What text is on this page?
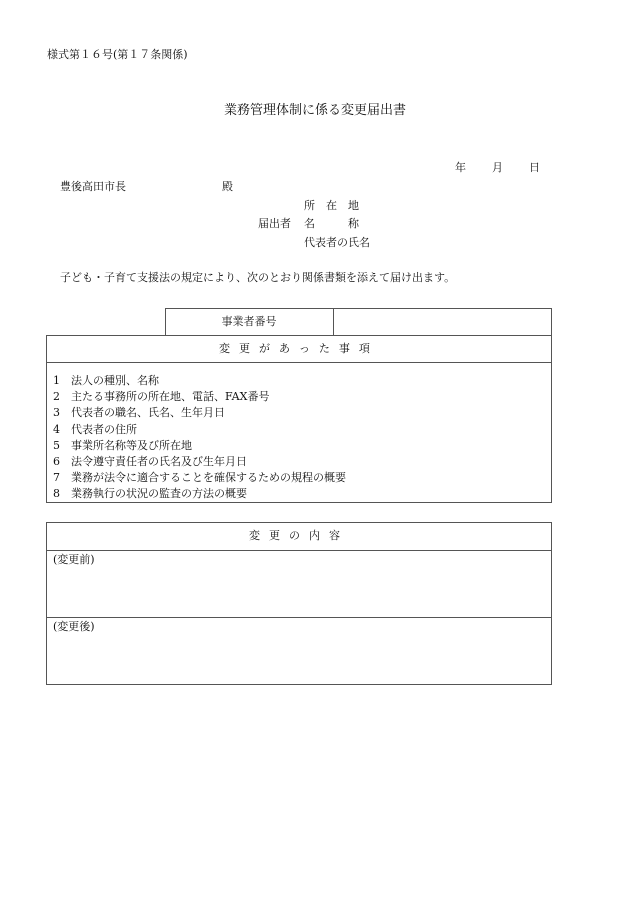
様式第１６号(第１７条関係)
業務管理体制に係る変更届出書
年 月 日
豊後高田市長	殿
所　在　地
届出者 名　　　称
代表者の氏名
子ども・子育て支援法の規定により、次のとおり関係書類を添えて届け出ます。
事業者番号
変更があった事項
1 法人の種別、名称
2 主たる事務所の所在地、電話、FAX番号
3 代表者の職名、氏名、生年月日
4 代表者の住所
5 事業所名称等及び所在地
6 法令遵守責任者の氏名及び生年月日
7 業務が法令に適合することを確保するための規程の概要
8 業務執行の状況の監査の方法の概要
変更の内容
(変更前)
(変更後)
